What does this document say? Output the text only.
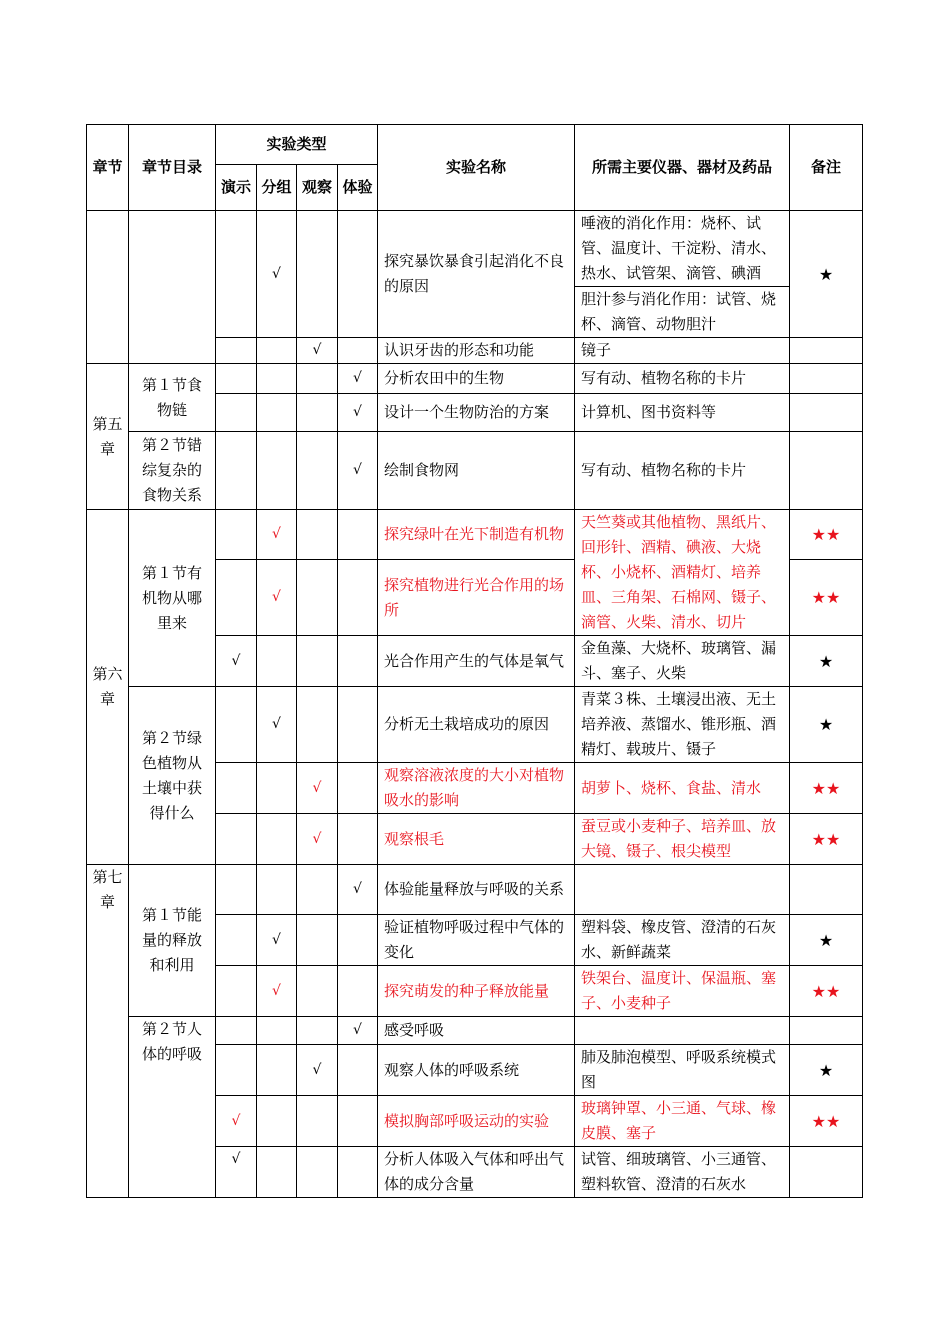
章节	章节目录	实验类型				实验名称	所需主要仪器、器材及药品	备注
		演示	分组	观察	体验			
			√			探究暴饮暴食引起消化不良的原因	唾液的消化作用：烧杯、试管、温度计、干淀粉、清水、热水、试管架、滴管、碘酒	★
							胆汁参与消化作用：试管、烧杯、滴管、动物胆汁	
				√		认识牙齿的形态和功能	镜子	
第五章	第１节食物链				√	分析农田中的生物	写有动、植物名称的卡片	
					√	设计一个生物防治的方案	计算机、图书资料等	
	第２节错综复杂的食物关系				√	绘制食物网	写有动、植物名称的卡片	
第六章	第１节有机物从哪里来		√			探究绿叶在光下制造有机物	天竺葵或其他植物、黑纸片、回形针、酒精、碘液、大烧杯、小烧杯、酒精灯、培养皿、三角架、石棉网、镊子、滴管、火柴、清水、切片	★★
			√			探究植物进行光合作用的场所		★★
		√				光合作用产生的气体是氧气	金鱼藻、大烧杯、玻璃管、漏斗、塞子、火柴	★
	第２节绿色植物从土壤中获得什么		√			分析无土栽培成功的原因	青菜３株、土壤浸出液、无土培养液、蒸馏水、锥形瓶、酒精灯、载玻片、镊子	★
				√		观察溶液浓度的大小对植物吸水的影响	胡萝卜、烧杯、食盐、清水	★★
				√		观察根毛	蚕豆或小麦种子、培养皿、放大镜、镊子、根尖模型	★★
第七章	第１节能量的释放和利用				√	体验能量释放与呼吸的关系		
			√			验证植物呼吸过程中气体的变化	塑料袋、橡皮管、澄清的石灰水、新鲜蔬菜	★
			√			探究萌发的种子释放能量	铁架台、温度计、保温瓶、塞子、小麦种子	★★
	第２节人体的呼吸				√	感受呼吸		
				√		观察人体的呼吸系统	肺及肺泡模型、呼吸系统模式图	★
		√				模拟胸部呼吸运动的实验	玻璃钟罩、小三通、气球、橡皮膜、塞子	★★
		√				分析人体吸入气体和呼出气体的成分含量	试管、细玻璃管、小三通管、塑料软管、澄清的石灰水	
